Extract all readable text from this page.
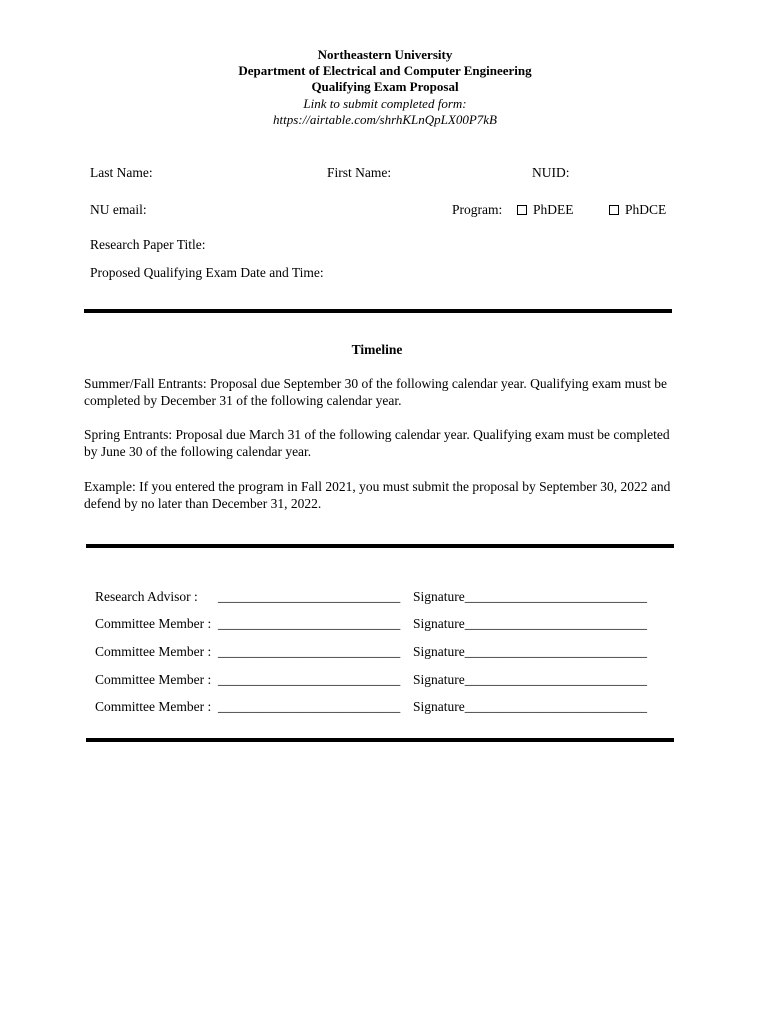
Northeastern University
Department of Electrical and Computer Engineering
Qualifying Exam Proposal
Link to submit completed form:
https://airtable.com/shrhKLnQpLX00P7kB
Last Name:	First Name:	NUID:
NU email:	Program:	PhDEE	PhDCE
Research Paper Title:
Proposed Qualifying Exam Date and Time:
Timeline
Summer/Fall Entrants: Proposal due September 30 of the following calendar year. Qualifying exam must be completed by December 31 of the following calendar year.
Spring Entrants: Proposal due March 31 of the following calendar year. Qualifying exam must be completed by June 30 of the following calendar year.
Example: If you entered the program in Fall 2021, you must submit the proposal by September 30, 2022 and defend by no later than December 31, 2022.
Research Advisor : ___________________________ Signature___________________________
Committee Member : ___________________________ Signature___________________________
Committee Member : ___________________________ Signature___________________________
Committee Member : ___________________________ Signature___________________________
Committee Member : ___________________________ Signature___________________________
